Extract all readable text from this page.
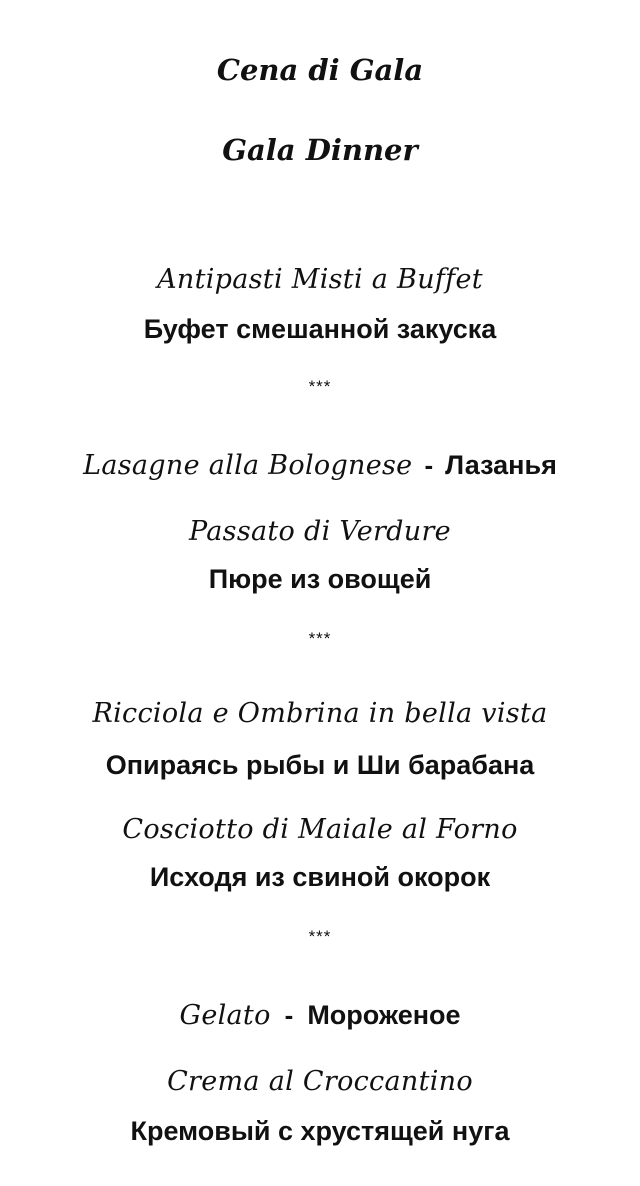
Cena di Gala
Gala Dinner
Antipasti Misti a Buffet
Буфет смешанной закуска
***
Lasagne alla Bolognese - Лазанья
Passato di Verdure
Пюре из овощей
***
Ricciola e Ombrina in bella vista
Опираясь рыбы и Ши барабана
Cosciotto di Maiale al Forno
Исходя из свиной окорок
***
Gelato - Мороженое
Crema al Croccantino
Кремовый с хрустящей нуга
